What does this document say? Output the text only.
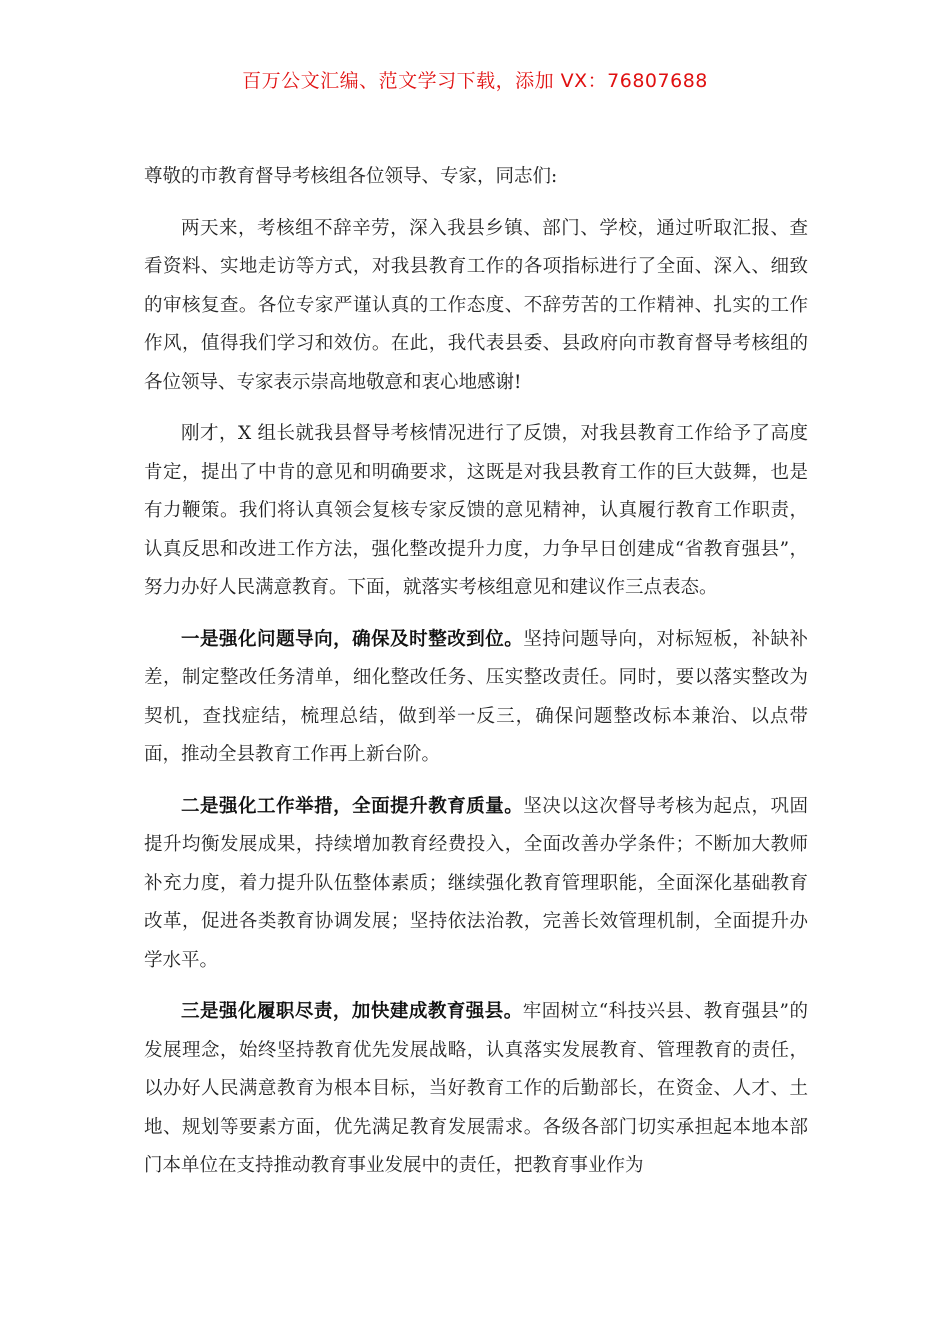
百万公文汇编、范文学习下载，添加 VX：76807688

尊敬的市教育督导考核组各位领导、专家，同志们:

两天来，考核组不辞辛劳，深入我县乡镇、部门、学校，通过听取汇报、查看资料、实地走访等方式，对我县教育工作的各项指标进行了全面、深入、细致的审核复查。各位专家严谨认真的工作态度、不辞劳苦的工作精神、扎实的工作作风，值得我们学习和效仿。在此，我代表县委、县政府向市教育督导考核组的各位领导、专家表示崇高地敬意和衷心地感谢!

刚才，X 组长就我县督导考核情况进行了反馈，对我县教育工作给予了高度肯定，提出了中肯的意见和明确要求，这既是对我县教育工作的巨大鼓舞，也是有力鞭策。我们将认真领会复核专家反馈的意见精神，认真履行教育工作职责，认真反思和改进工作方法，强化整改提升力度，力争早日创建成“省教育强县”，努力办好人民满意教育。下面，就落实考核组意见和建议作三点表态。

一是强化问题导向，确保及时整改到位。坚持问题导向，对标短板，补缺补差，制定整改任务清单，细化整改任务、压实整改责任。同时，要以落实整改为契机，查找症结，梳理总结，做到举一反三，确保问题整改标本兼治、以点带面，推动全县教育工作再上新台阶。

二是强化工作举措，全面提升教育质量。坚决以这次督导考核为起点，巩固提升均衡发展成果，持续增加教育经费投入，全面改善办学条件；不断加大教师补充力度，着力提升队伍整体素质；继续强化教育管理职能，全面深化基础教育改革，促进各类教育协调发展；坚持依法治教，完善长效管理机制，全面提升办学水平。

三是强化履职尽责，加快建成教育强县。牢固树立“科技兴县、教育强县”的发展理念，始终坚持教育优先发展战略，认真落实发展教育、管理教育的责任，以办好人民满意教育为根本目标，当好教育工作的后勤部长，在资金、人才、土地、规划等要素方面，优先满足教育发展需求。各级各部门切实承担起本地本部门本单位在支持推动教育事业发展中的责任，把教育事业作为
